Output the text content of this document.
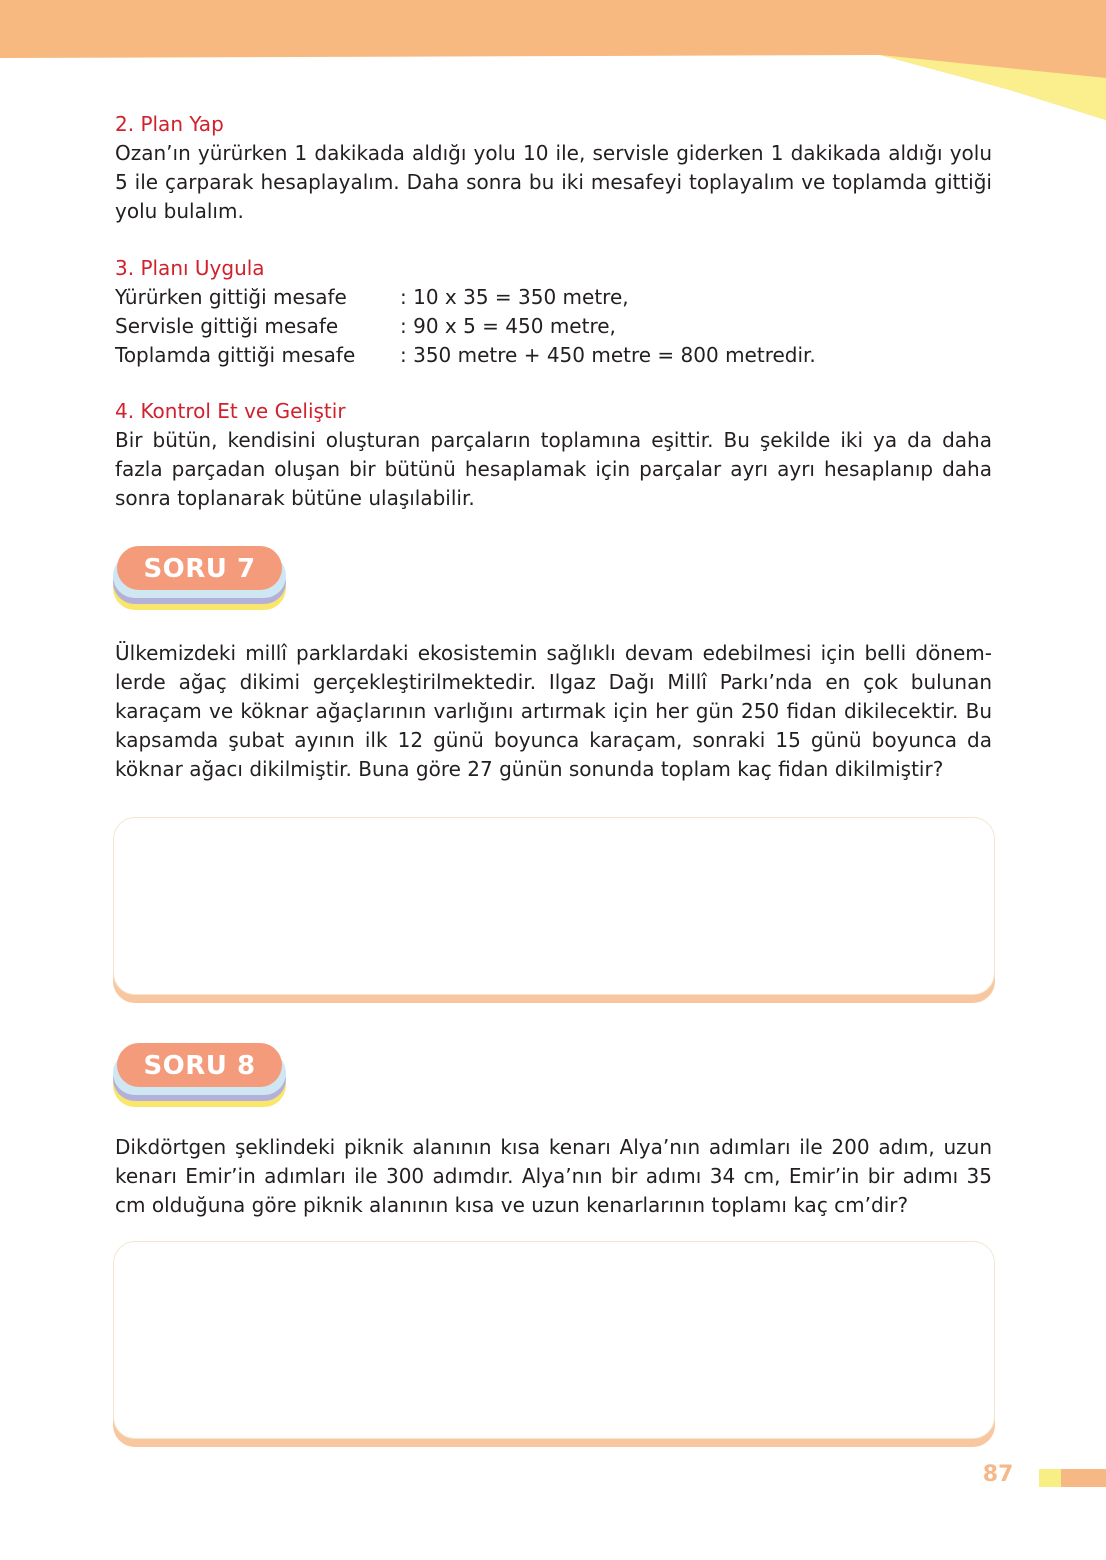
2. Plan Yap

Ozan’ın yürürken 1 dakikada aldığı yolu 10 ile, servisle giderken 1 dakikada aldığı yolu 5 ile çarparak hesaplayalım. Daha sonra bu iki mesafeyi toplayalım ve toplamda gittiği yolu bulalım.

3. Planı Uygula

Yürürken gittiği mesafe	: 10 x 35 = 350 metre,
Servisle gittiği mesafe	: 90 x 5 = 450 metre,
Toplamda gittiği mesafe	: 350 metre + 450 metre = 800 metredir.

4. Kontrol Et ve Geliştir

Bir bütün, kendisini oluşturan parçaların toplamına eşittir. Bu şekilde iki ya da daha fazla parçadan oluşan bir bütünü hesaplamak için parçalar ayrı ayrı hesaplanıp daha sonra toplanarak bütüne ulaşılabilir.

SORU 7

Ülkemizdeki millî parklardaki ekosistemin sağlıklı devam edebilmesi için belli dönem-lerde ağaç dikimi gerçekleştirilmektedir. Ilgaz Dağı Millî Parkı’nda en çok bulunan karaçam ve köknar ağaçlarının varlığını artırmak için her gün 250 fidan dikilecektir. Bu kapsamda şubat ayının ilk 12 günü boyunca karaçam, sonraki 15 günü boyunca da köknar ağacı dikilmiştir. Buna göre 27 günün sonunda toplam kaç fidan dikilmiştir?

SORU 8

Dikdörtgen şeklindeki piknik alanının kısa kenarı Alya’nın adımları ile 200 adım, uzun kenarı Emir’in adımları ile 300 adımdır. Alya’nın bir adımı 34 cm, Emir’in bir adımı 35 cm olduğuna göre piknik alanının kısa ve uzun kenarlarının toplamı kaç cm’dir?

87
